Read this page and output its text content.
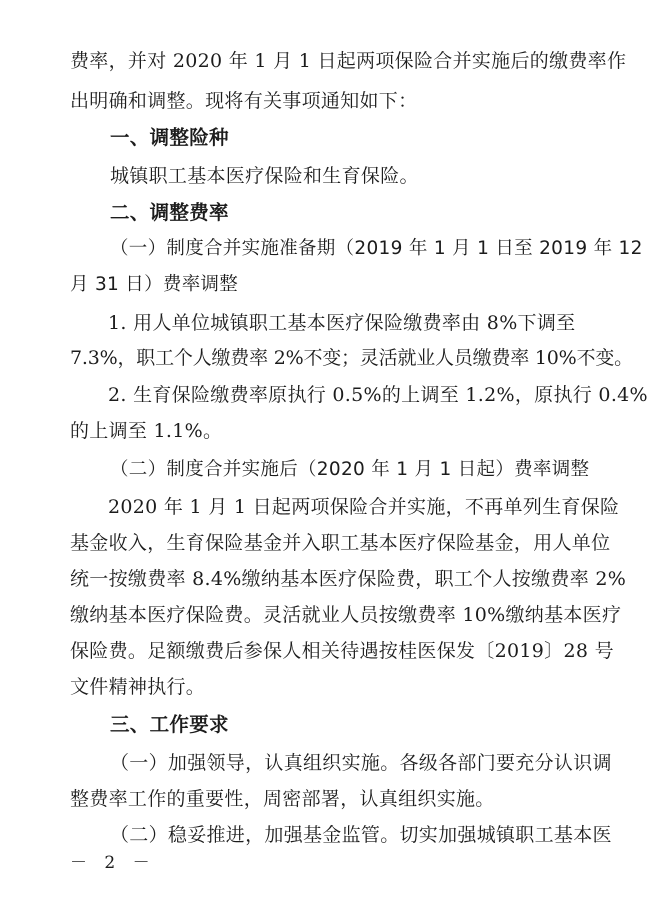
费率，并对 2020 年 1 月 1 日起两项保险合并实施后的缴费率作
出明确和调整。现将有关事项通知如下：
一、调整险种
城镇职工基本医疗保险和生育保险。
二、调整费率
（一）制度合并实施准备期（2019 年 1 月 1 日至 2019 年 12
月 31 日）费率调整
1. 用人单位城镇职工基本医疗保险缴费率由 8%下调至
7.3%，职工个人缴费率 2%不变；灵活就业人员缴费率 10%不变。
2. 生育保险缴费率原执行 0.5%的上调至 1.2%，原执行 0.4%
的上调至 1.1%。
（二）制度合并实施后（2020 年 1 月 1 日起）费率调整
2020 年 1 月 1 日起两项保险合并实施，不再单列生育保险
基金收入，生育保险基金并入职工基本医疗保险基金，用人单位
统一按缴费率 8.4%缴纳基本医疗保险费，职工个人按缴费率 2%
缴纳基本医疗保险费。灵活就业人员按缴费率 10%缴纳基本医疗
保险费。足额缴费后参保人相关待遇按桂医保发〔2019〕28 号
文件精神执行。
三、工作要求
（一）加强领导，认真组织实施。各级各部门要充分认识调
整费率工作的重要性，周密部署，认真组织实施。
（二）稳妥推进，加强基金监管。切实加强城镇职工基本医
－ 2 －
